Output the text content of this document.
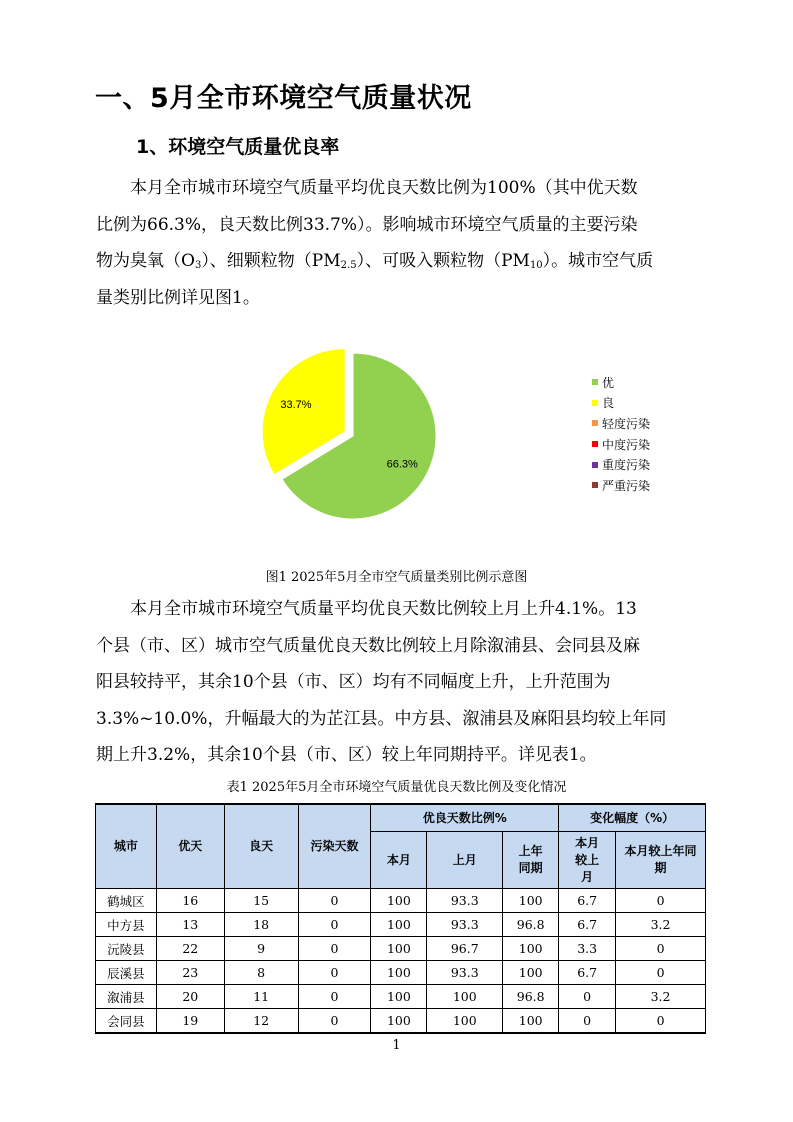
一、5月全市环境空气质量状况
1、环境空气质量优良率
本月全市城市环境空气质量平均优良天数比例为100%（其中优天数
比例为66.3%，良天数比例33.7%）。影响城市环境空气质量的主要污染
物为臭氧$(O_3)$、细颗粒物$(PM_{2.5})$、可吸入颗粒物$(PM_{10})$。城市空气质
量类别比例详见图1。
66.3%
33.7%
优
良
轻度污染
中度污染
重度污染
严重污染
图1 2025年5月全市空气质量类别比例示意图
本月全市城市环境空气质量平均优良天数比例较上月上升4.1%。13
个县（市、区）城市空气质量优良天数比例较上月除溆浦县、会同县及麻
阳县较持平，其余10个县（市、区）均有不同幅度上升，上升范围为
3.3%~10.0%，升幅最大的为芷江县。中方县、溆浦县及麻阳县均较上年同
期上升3.2%，其余10个县（市、区）较上年同期持平。详见表1。
表1 2025年5月全市环境空气质量优良天数比例及变化情况
城市	优天	良天	污染天数	优良天数比例%			变化幅度（%）	
				本月	上月	上年同期	本月较上月	本月较上年同期
鹤城区	16	15	0	100	93.3	100	6.7	0
中方县	13	18	0	100	93.3	96.8	6.7	3.2
沅陵县	22	9	0	100	96.7	100	3.3	0
辰溪县	23	8	0	100	93.3	100	6.7	0
溆浦县	20	11	0	100	100	96.8	0	3.2
会同县	19	12	0	100	100	100	0	0
1
